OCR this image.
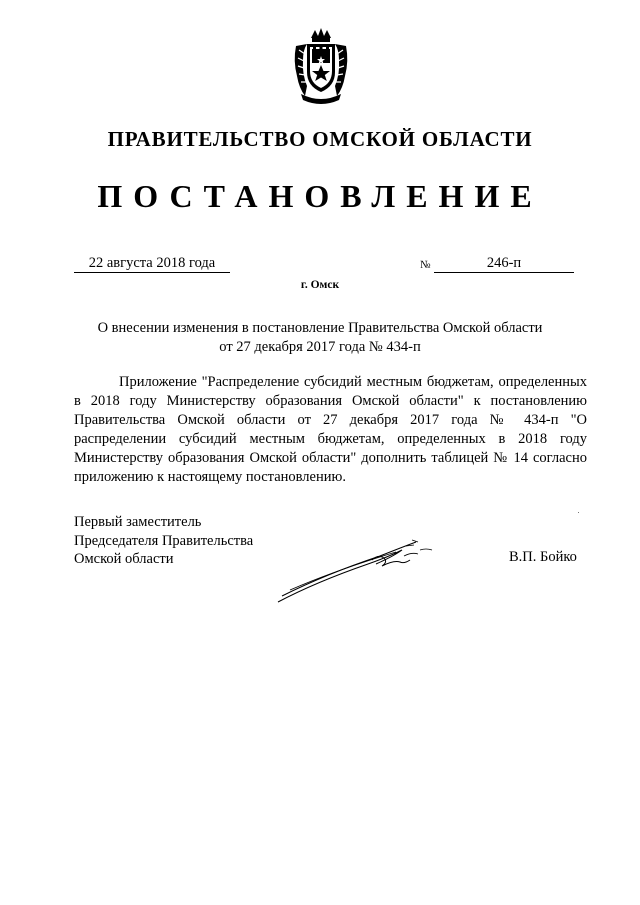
ПРАВИТЕЛЬСТВО ОМСКОЙ ОБЛАСТИ
ПОСТАНОВЛЕНИЕ
22 августа 2018 года	№	246-п
г. Омск
О внесении изменения в постановление Правительства Омской области
от 27 декабря 2017 года № 434-п
Приложение "Распределение субсидий местным бюджетам, определенных в 2018 году Министерству образования Омской области" к постановлению Правительства Омской области от 27 декабря 2017 года № 434-п "О распределении субсидий местным бюджетам, определенных в 2018 году Министерству образования Омской области" дополнить таблицей № 14 согласно приложению к настоящему постановлению.
Первый заместитель
Председателя Правительства
Омской области	В.П. Бойко
